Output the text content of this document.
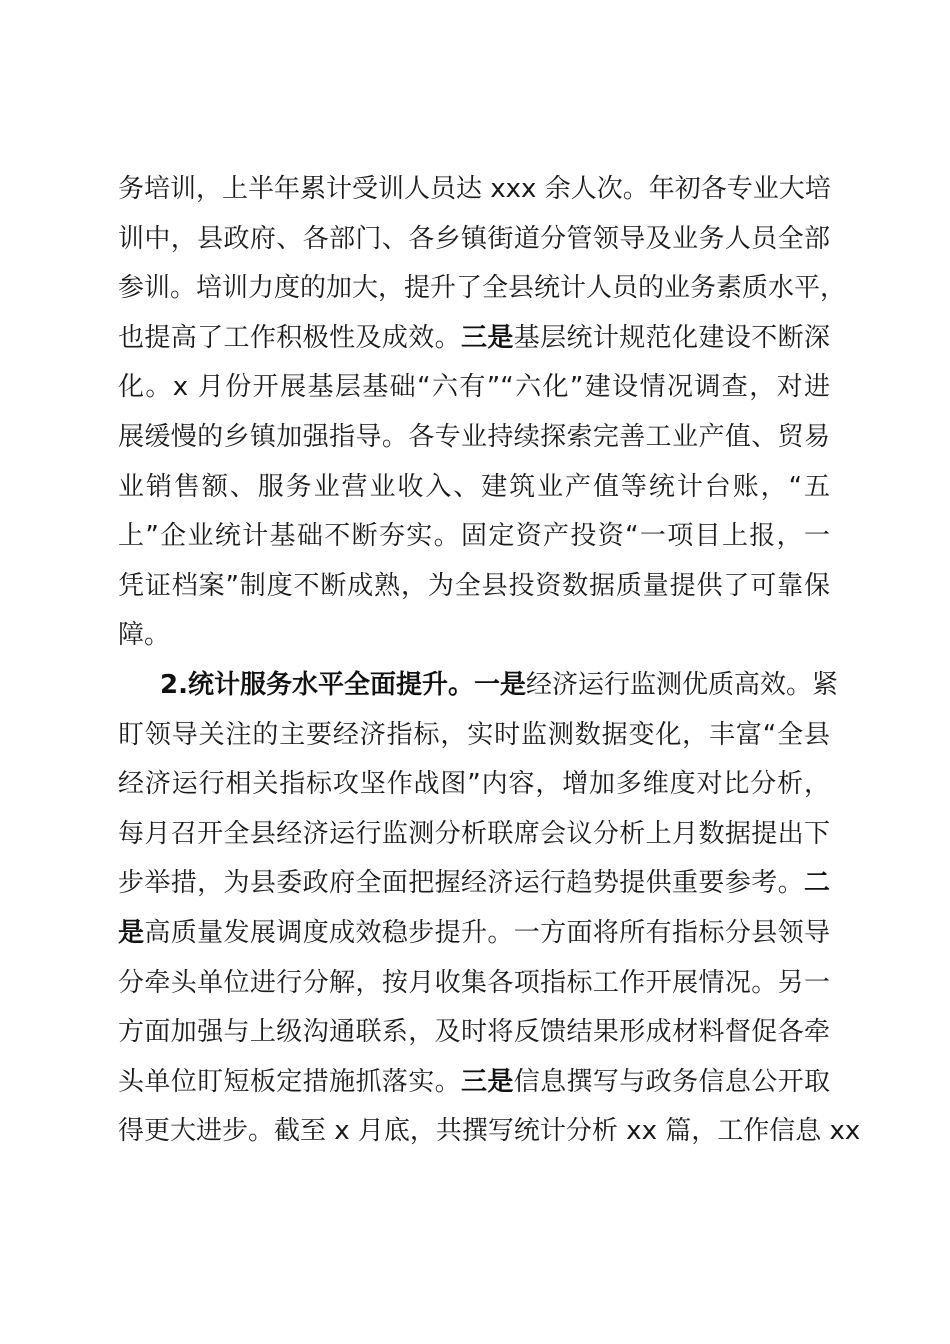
务培训，上半年累计受训人员达 xxx 余人次。年初各专业大培
训中，县政府、各部门、各乡镇街道分管领导及业务人员全部
参训。培训力度的加大，提升了全县统计人员的业务素质水平，
也提高了工作积极性及成效。三是基层统计规范化建设不断深
化。x 月份开展基层基础“六有”“六化”建设情况调查，对进
展缓慢的乡镇加强指导。各专业持续探索完善工业产值、贸易
业销售额、服务业营业收入、建筑业产值等统计台账，“五
上”企业统计基础不断夯实。固定资产投资“一项目上报，一
凭证档案”制度不断成熟，为全县投资数据质量提供了可靠保
障。
2.统计服务水平全面提升。一是经济运行监测优质高效。紧
盯领导关注的主要经济指标，实时监测数据变化，丰富“全县
经济运行相关指标攻坚作战图”内容，增加多维度对比分析，
每月召开全县经济运行监测分析联席会议分析上月数据提出下
步举措，为县委政府全面把握经济运行趋势提供重要参考。二
是高质量发展调度成效稳步提升。一方面将所有指标分县领导
分牵头单位进行分解，按月收集各项指标工作开展情况。另一
方面加强与上级沟通联系，及时将反馈结果形成材料督促各牵
头单位盯短板定措施抓落实。三是信息撰写与政务信息公开取
得更大进步。截至 x 月底，共撰写统计分析 xx 篇，工作信息 xx
